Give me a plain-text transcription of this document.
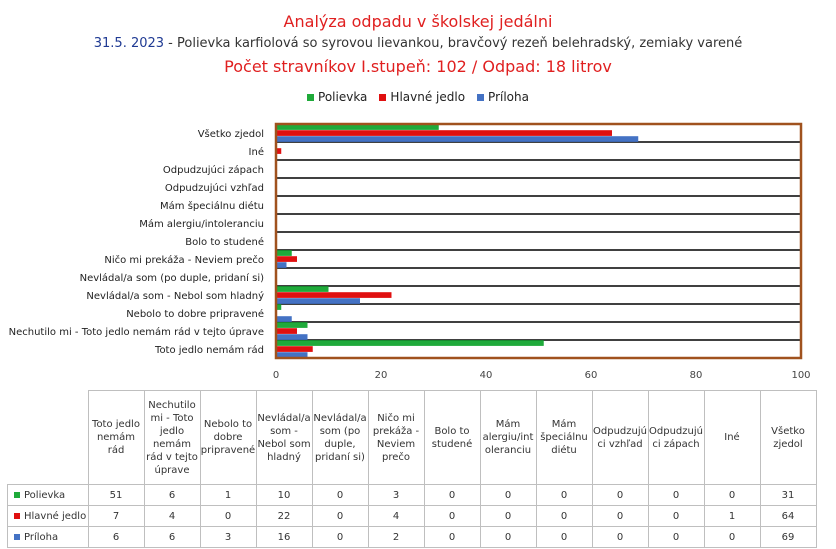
Analýza odpadu v školskej jedálni
31.5. 2023 - Polievka karfiolová so syrovou lievankou, bravčový rezeň belehradský, zemiaky varené
Počet stravníkov I.stupeň: 102 / Odpad: 18 litrov
Polievka Hlavné jedlo Príloha
Toto jedlo nemám rád
Nechutilo mi - Toto jedlo nemám rád v tejto úprave
Nebolo to dobre pripravené
Nevládal/a som - Nebol som hladný
Nevládal/a som (po duple, pridaní si)
Ničo mi prekáža - Neviem prečo
Bolo to studené
Mám alergiu/intoleranciu
Mám špeciálnu diétu
Odpudzujúci vzhľad
Odpudzujúci zápach
Iné
Všetko zjedol
0	20	40	60	80	100
	Toto jedlo nemám rád	Nechutilo mi - Toto jedlo nemám rád v tejto úprave	Nebolo to dobre pripravené	Nevládal/a som - Nebol som hladný	Nevládal/a som (po duple, pridaní si)	Ničo mi prekáža - Neviem prečo	Bolo to studené	Mám alergiu/int oleranciu	Mám špeciálnu diétu	Odpudzujú ci vzhľad	Odpudzujú ci zápach	Iné	Všetko zjedol
Polievka	51	6	1	10	0	3	0	0	0	0	0	0	31
Hlavné jedlo	7	4	0	22	0	4	0	0	0	0	0	1	64
Príloha	6	6	3	16	0	2	0	0	0	0	0	0	69
